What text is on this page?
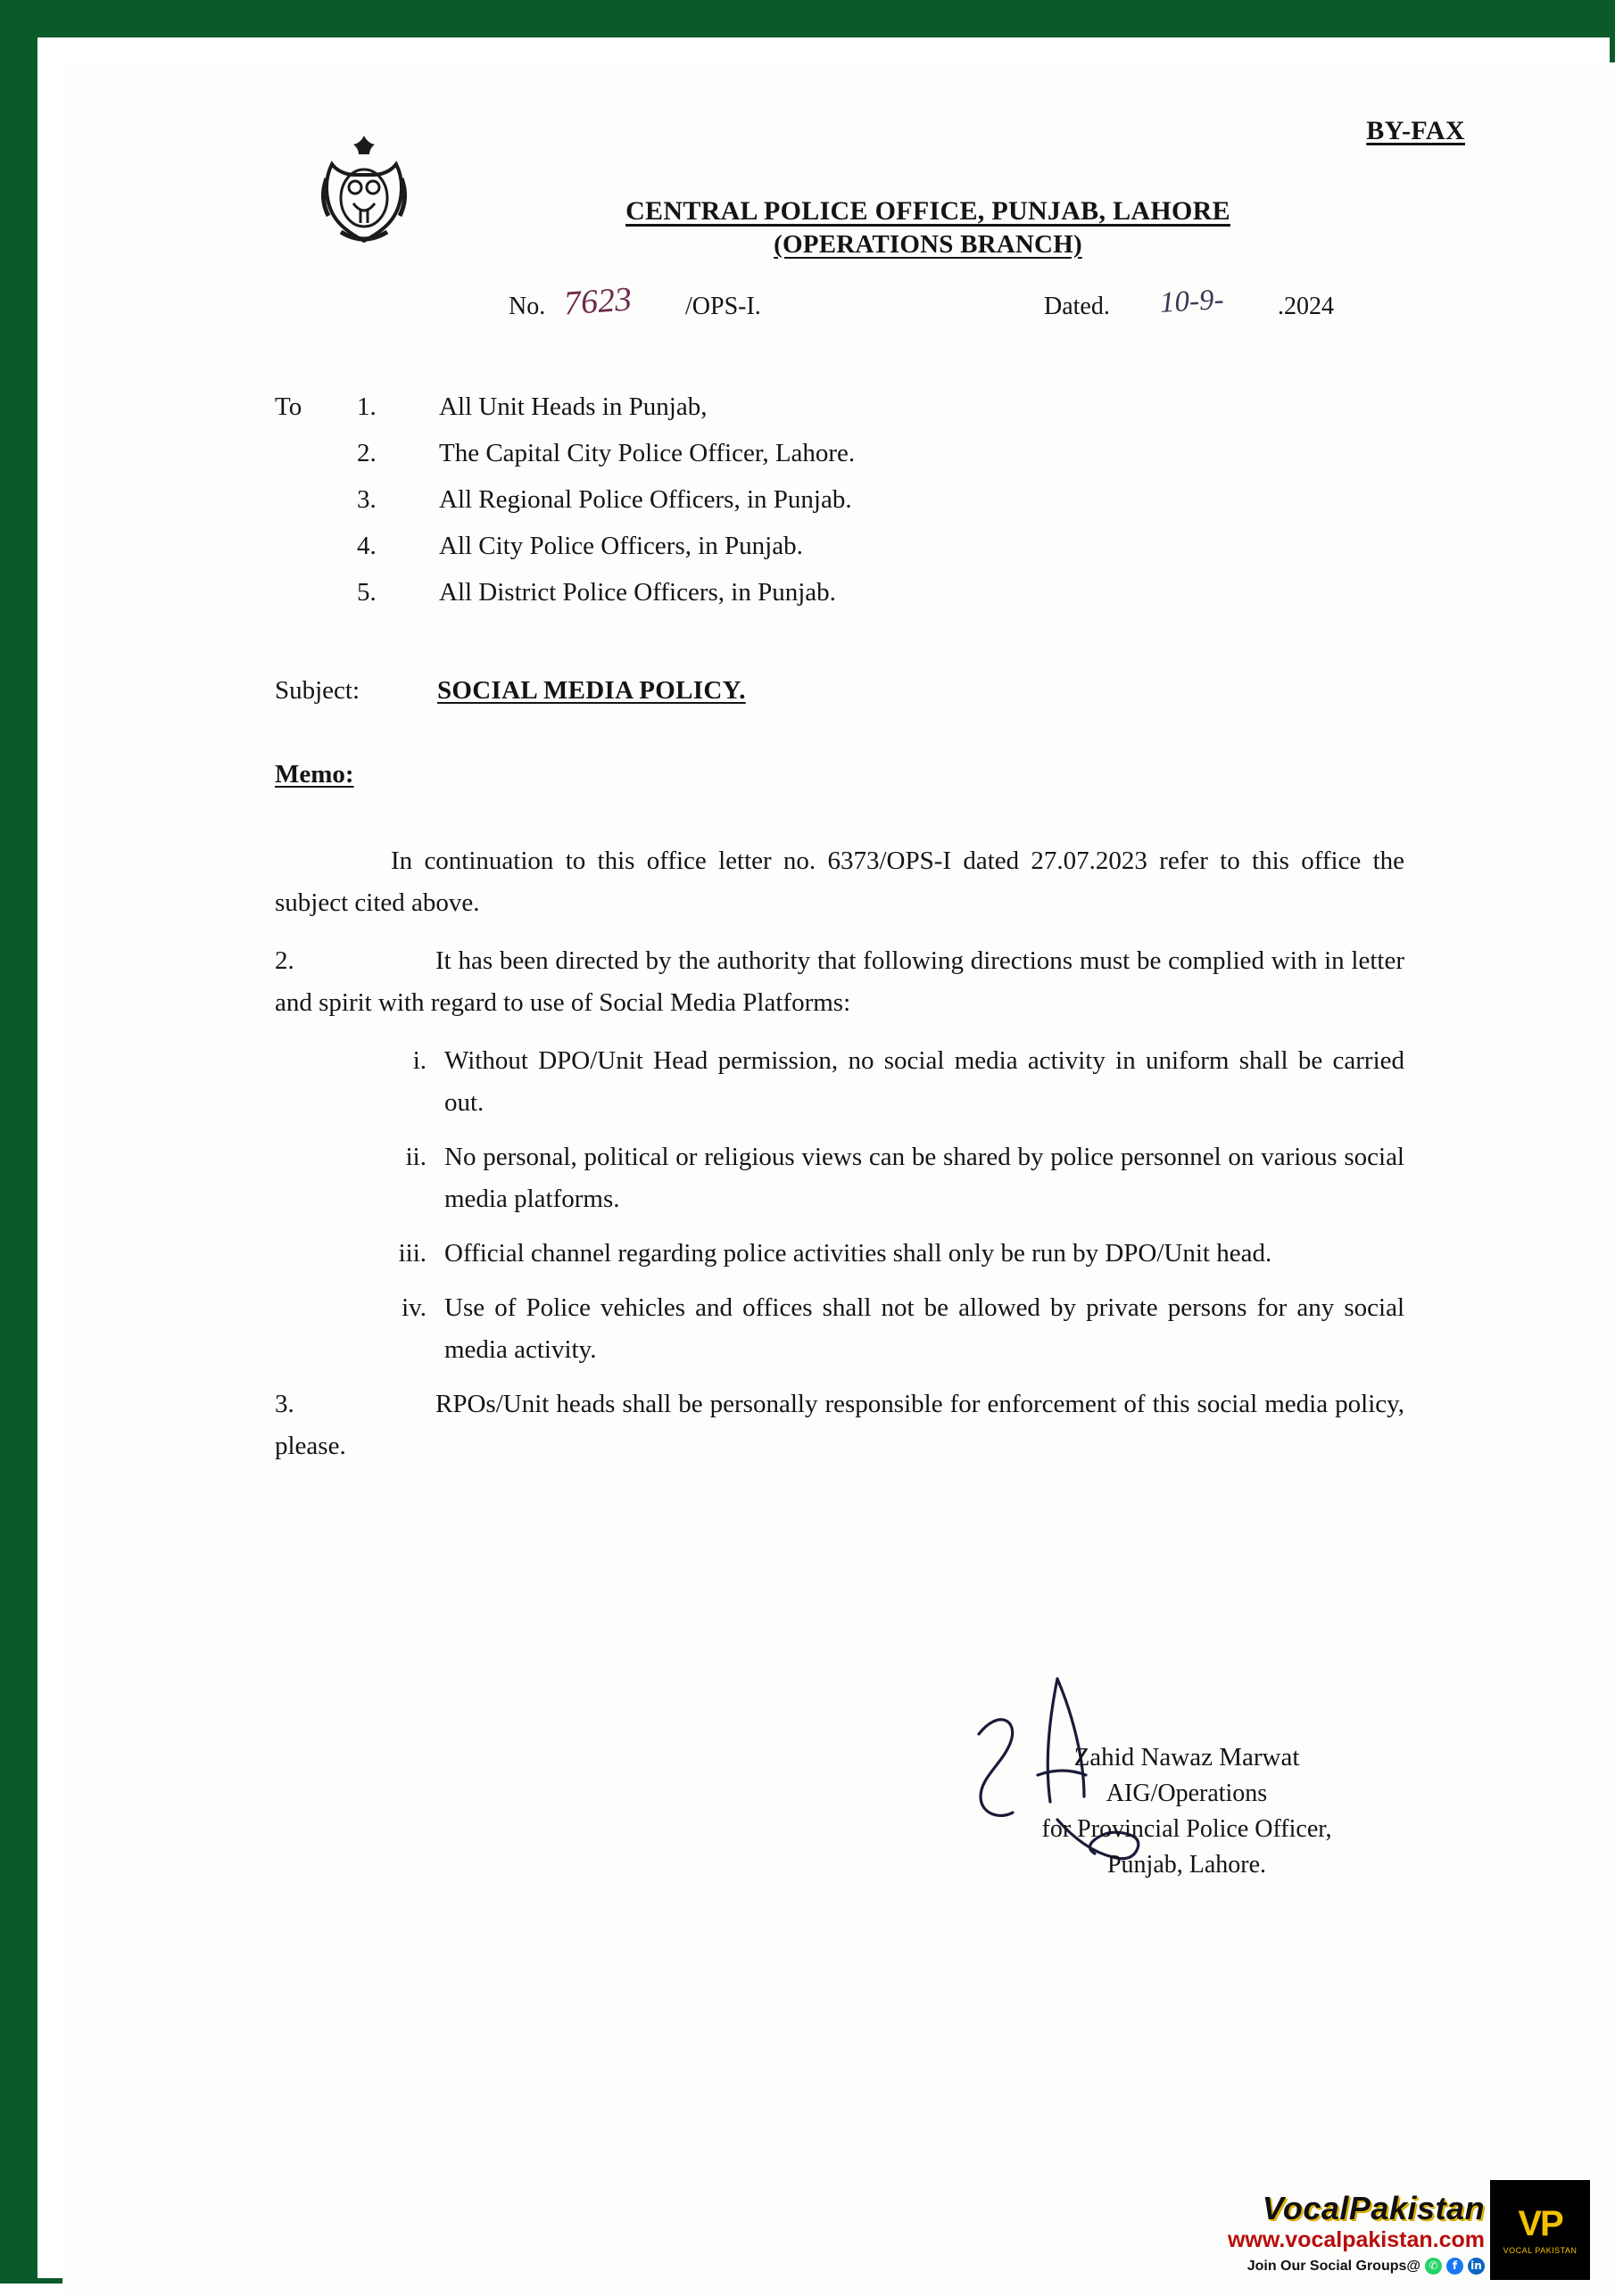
BY-FAX
CENTRAL POLICE OFFICE, PUNJAB, LAHORE
(OPERATIONS BRANCH)
No. 7623 /OPS-I.	Dated. 10-9- .2024
To 1. All Unit Heads in Punjab,
2. The Capital City Police Officer, Lahore.
3. All Regional Police Officers, in Punjab.
4. All City Police Officers, in Punjab.
5. All District Police Officers, in Punjab.
Subject:	SOCIAL MEDIA POLICY.
Memo:
In continuation to this office letter no. 6373/OPS-I dated 27.07.2023 refer to this office the subject cited above.
2.	It has been directed by the authority that following directions must be complied with in letter and spirit with regard to use of Social Media Platforms:
i. Without DPO/Unit Head permission, no social media activity in uniform shall be carried out.
ii. No personal, political or religious views can be shared by police personnel on various social media platforms.
iii. Official channel regarding police activities shall only be run by DPO/Unit head.
iv. Use of Police vehicles and offices shall not be allowed by private persons for any social media activity.
3.	RPOs/Unit heads shall be personally responsible for enforcement of this social media policy, please.
Zahid Nawaz Marwat
AIG/Operations
for Provincial Police Officer,
Punjab, Lahore.
VocalPakistan
www.vocalpakistan.com
Join Our Social Groups@ ✆	f	in
VP
VOCAL PAKISTAN
